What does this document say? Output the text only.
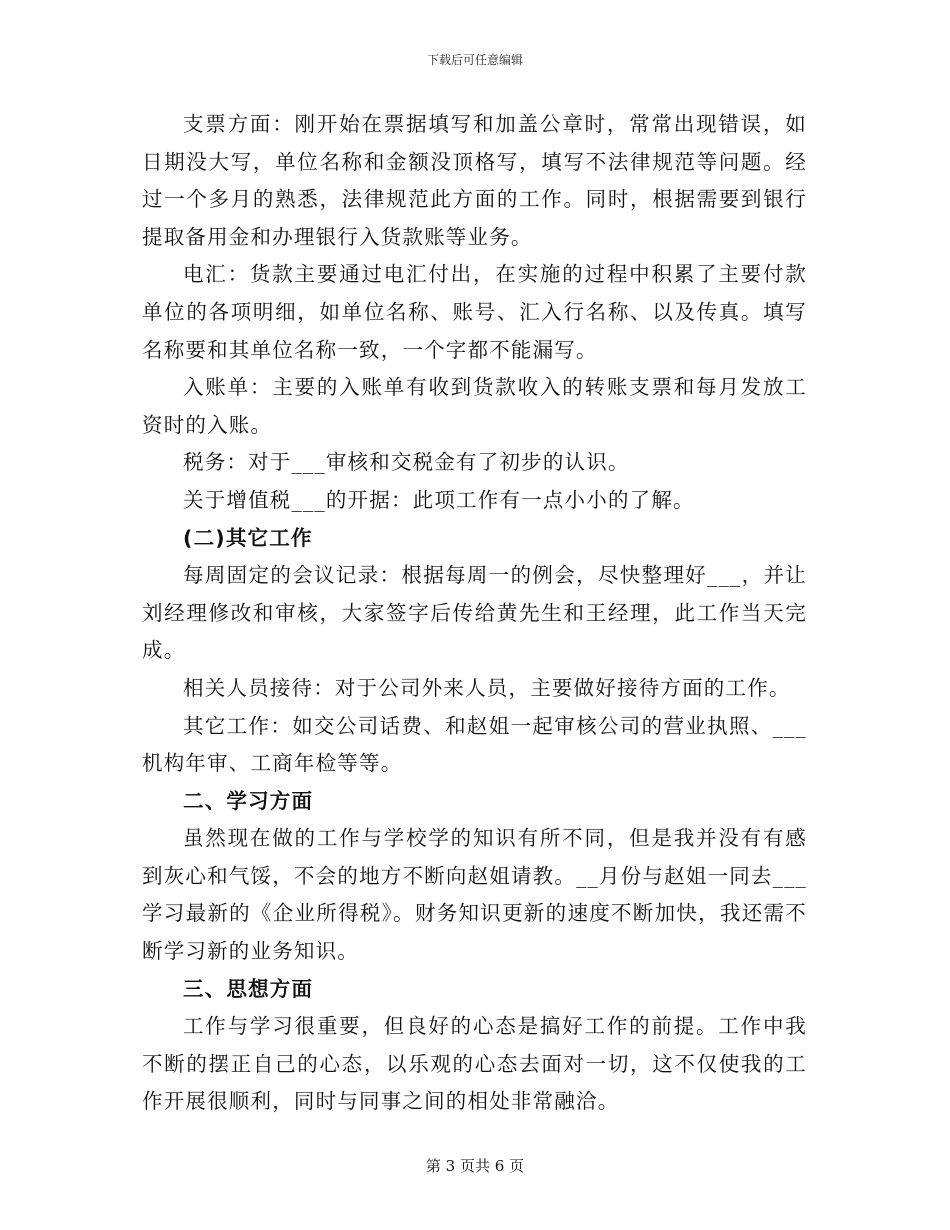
下载后可任意编辑

支票方面：刚开始在票据填写和加盖公章时，常常出现错误，如日期没大写，单位名称和金额没顶格写，填写不法律规范等问题。经过一个多月的熟悉，法律规范此方面的工作。同时，根据需要到银行提取备用金和办理银行入货款账等业务。

电汇：货款主要通过电汇付出，在实施的过程中积累了主要付款单位的各项明细，如单位名称、账号、汇入行名称、以及传真。填写名称要和其单位名称一致，一个字都不能漏写。

入账单：主要的入账单有收到货款收入的转账支票和每月发放工资时的入账。

税务：对于___审核和交税金有了初步的认识。

关于增值税___的开据：此项工作有一点小小的了解。

(二)其它工作

每周固定的会议记录：根据每周一的例会，尽快整理好___，并让刘经理修改和审核，大家签字后传给黄先生和王经理，此工作当天完成。

相关人员接待：对于公司外来人员，主要做好接待方面的工作。

其它工作：如交公司话费、和赵姐一起审核公司的营业执照、___机构年审、工商年检等等。

二、学习方面

虽然现在做的工作与学校学的知识有所不同，但是我并没有有感到灰心和气馁，不会的地方不断向赵姐请教。__月份与赵姐一同去___学习最新的《企业所得税》。财务知识更新的速度不断加快，我还需不断学习新的业务知识。

三、思想方面

工作与学习很重要，但良好的心态是搞好工作的前提。工作中我不断的摆正自己的心态，以乐观的心态去面对一切，这不仅使我的工作开展很顺利，同时与同事之间的相处非常融洽。

第 3 页共 6 页
